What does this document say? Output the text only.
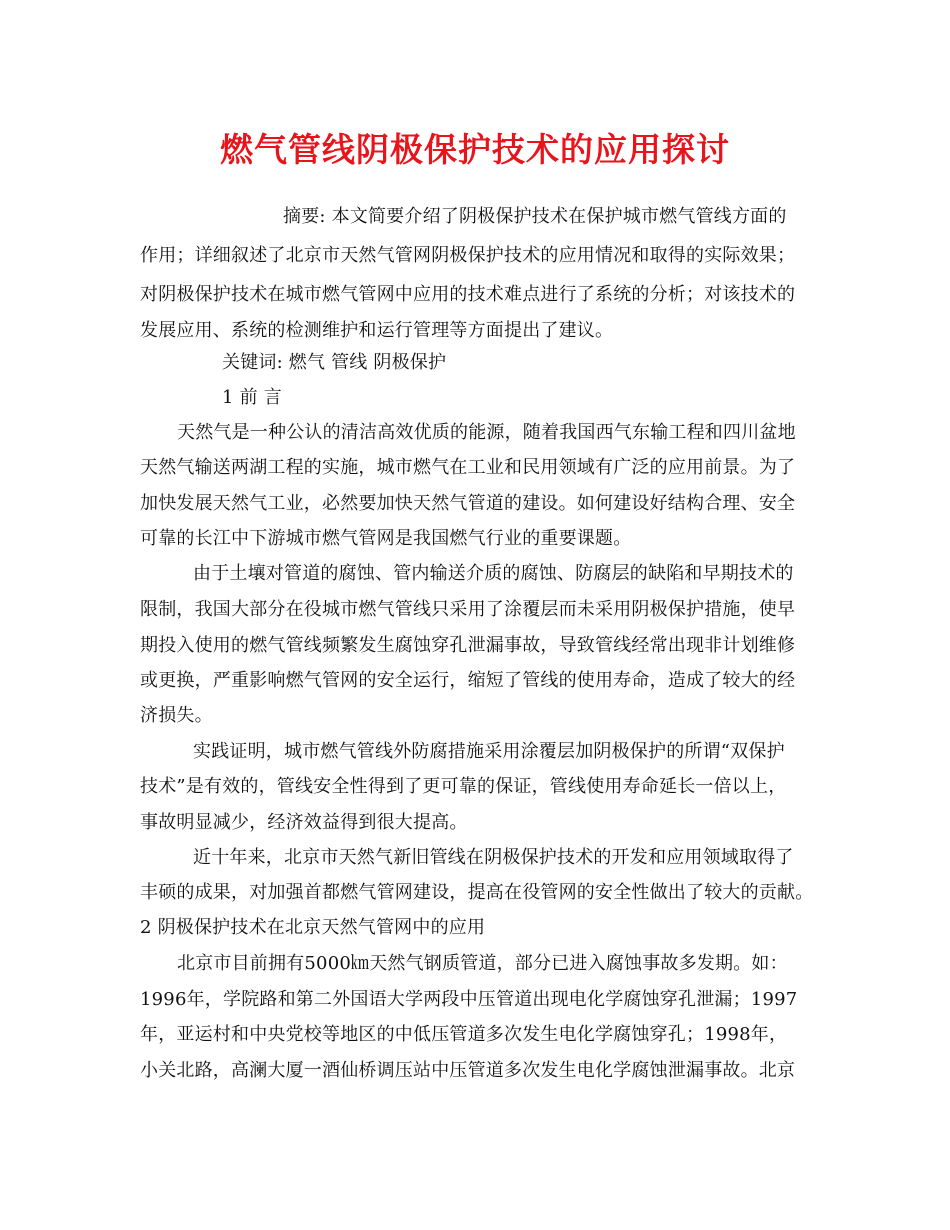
燃气管线阴极保护技术的应用探讨
摘要: 本文简要介绍了阴极保护技术在保护城市燃气管线方面的
作用；详细叙述了北京市天然气管网阴极保护技术的应用情况和取得的实际效果；
对阴极保护技术在城市燃气管网中应用的技术难点进行了系统的分析；对该技术的
发展应用、系统的检测维护和运行管理等方面提出了建议。
关键词: 燃气 管线 阴极保护
1 前 言
天然气是一种公认的清洁高效优质的能源，随着我国西气东输工程和四川盆地
天然气输送两湖工程的实施，城市燃气在工业和民用领域有广泛的应用前景。为了
加快发展天然气工业，必然要加快天然气管道的建设。如何建设好结构合理、安全
可靠的长江中下游城市燃气管网是我国燃气行业的重要课题。
由于土壤对管道的腐蚀、管内输送介质的腐蚀、防腐层的缺陷和早期技术的
限制，我国大部分在役城市燃气管线只采用了涂覆层而未采用阴极保护措施，使早
期投入使用的燃气管线频繁发生腐蚀穿孔泄漏事故，导致管线经常出现非计划维修
或更换，严重影响燃气管网的安全运行，缩短了管线的使用寿命，造成了较大的经
济损失。
实践证明，城市燃气管线外防腐措施采用涂覆层加阴极保护的所谓“双保护
技术”是有效的，管线安全性得到了更可靠的保证，管线使用寿命延长一倍以上，
事故明显减少，经济效益得到很大提高。
近十年来，北京市天然气新旧管线在阴极保护技术的开发和应用领域取得了
丰硕的成果，对加强首都燃气管网建设，提高在役管网的安全性做出了较大的贡献。
2 阴极保护技术在北京天然气管网中的应用
北京市目前拥有5000㎞天然气钢质管道，部分已进入腐蚀事故多发期。如：
1996年，学院路和第二外国语大学两段中压管道出现电化学腐蚀穿孔泄漏；1997
年，亚运村和中央党校等地区的中低压管道多次发生电化学腐蚀穿孔；1998年，
小关北路，高澜大厦一酒仙桥调压站中压管道多次发生电化学腐蚀泄漏事故。北京
